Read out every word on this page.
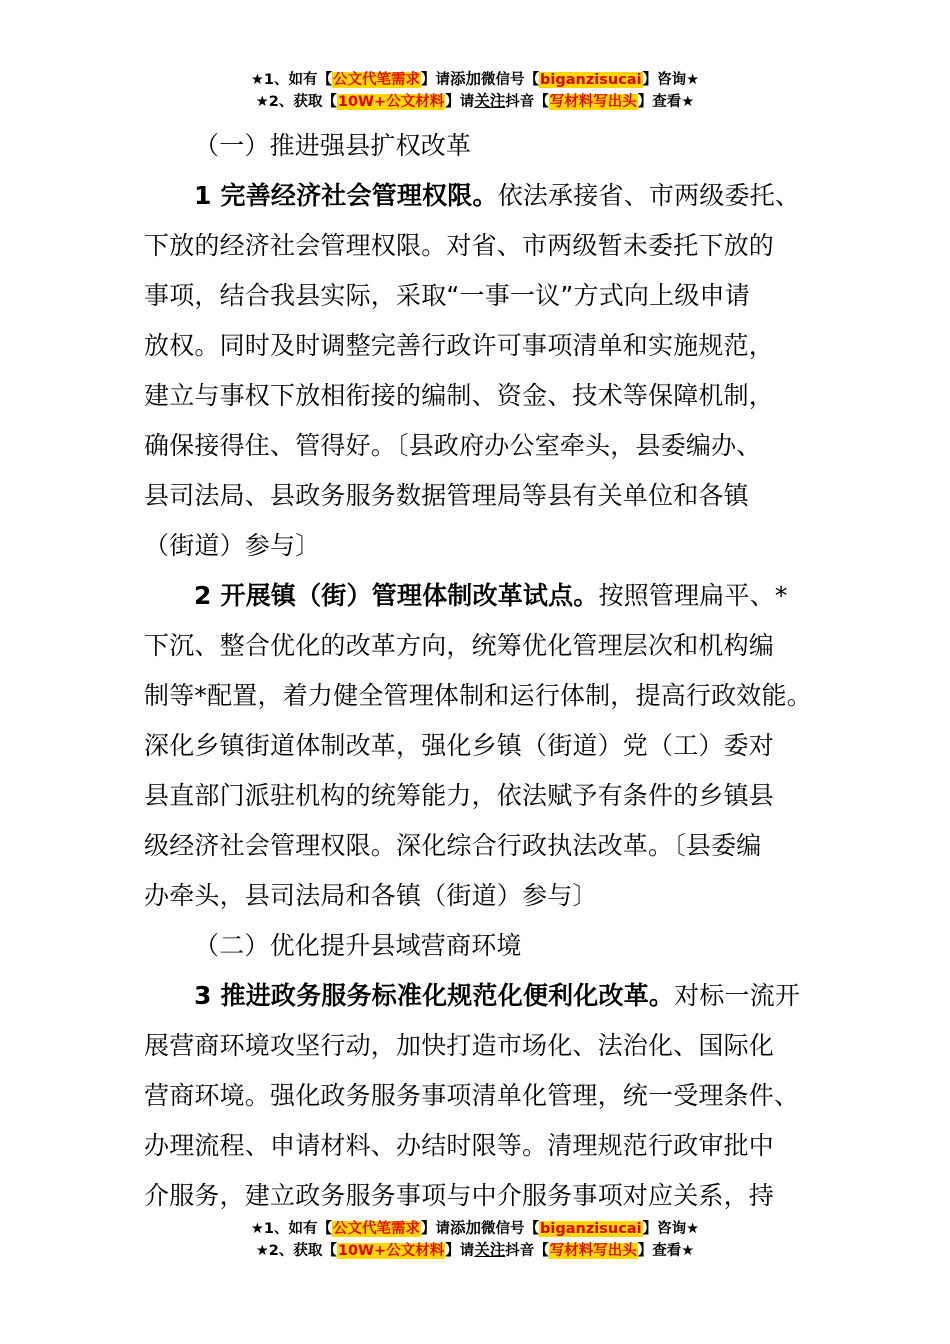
★1、如有【公文代笔需求】请添加微信号【biganzisucai】咨询★
★2、获取【10W+公文材料】请关注抖音【写材料写出头】查看★
（一）推进强县扩权改革
1 完善经济社会管理权限。依法承接省、市两级委托、
下放的经济社会管理权限。对省、市两级暂未委托下放的
事项，结合我县实际，采取“一事一议”方式向上级申请
放权。同时及时调整完善行政许可事项清单和实施规范，
建立与事权下放相衔接的编制、资金、技术等保障机制，
确保接得住、管得好。〔县政府办公室牵头，县委编办、
县司法局、县政务服务数据管理局等县有关单位和各镇
（街道）参与〕
2 开展镇（街）管理体制改革试点。按照管理扁平、*
下沉、整合优化的改革方向，统筹优化管理层次和机构编
制等*配置，着力健全管理体制和运行体制，提高行政效能。
深化乡镇街道体制改革，强化乡镇（街道）党（工）委对
县直部门派驻机构的统筹能力，依法赋予有条件的乡镇县
级经济社会管理权限。深化综合行政执法改革。〔县委编
办牵头，县司法局和各镇（街道）参与〕
（二）优化提升县域营商环境
3 推进政务服务标准化规范化便利化改革。对标一流开
展营商环境攻坚行动，加快打造市场化、法治化、国际化
营商环境。强化政务服务事项清单化管理，统一受理条件、
办理流程、申请材料、办结时限等。清理规范行政审批中
介服务，建立政务服务事项与中介服务事项对应关系，持
★1、如有【公文代笔需求】请添加微信号【biganzisucai】咨询★
★2、获取【10W+公文材料】请关注抖音【写材料写出头】查看★
